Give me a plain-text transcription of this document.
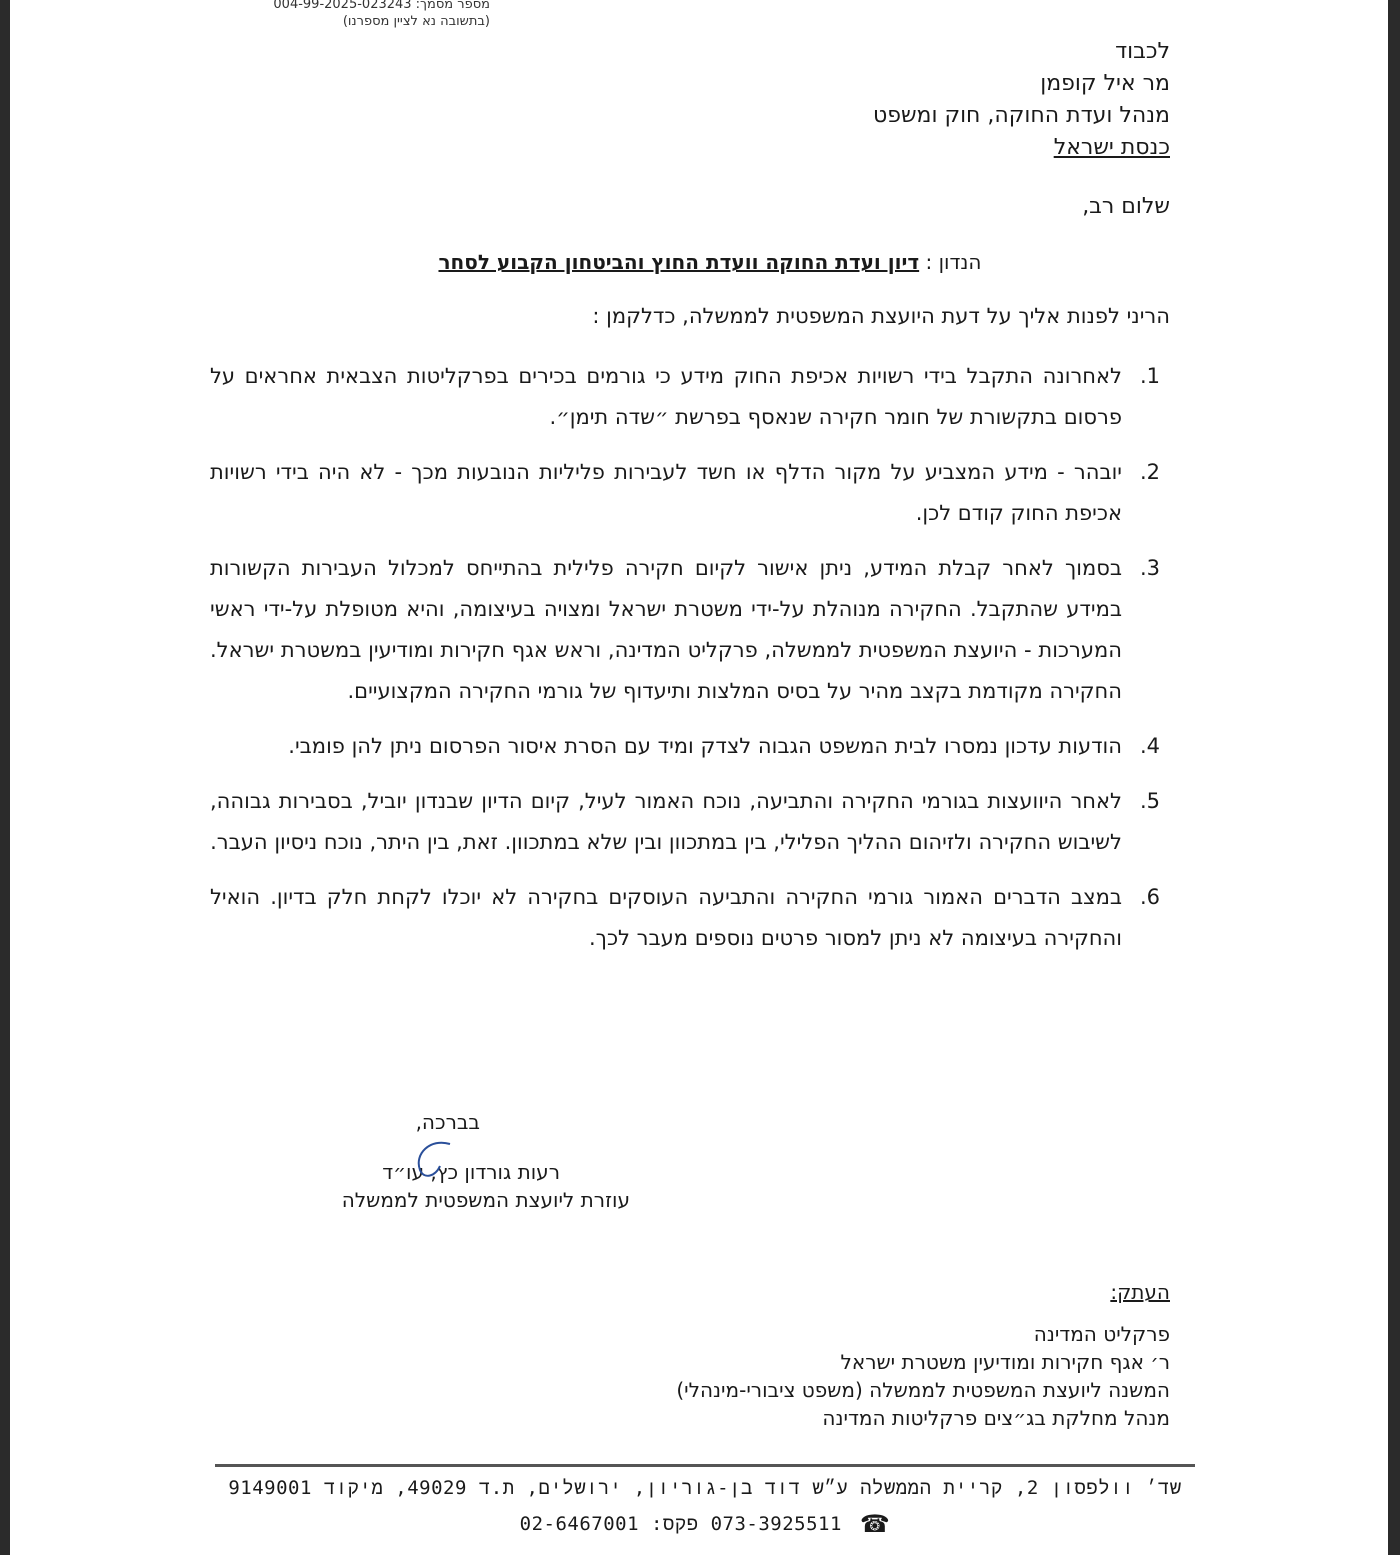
מספר מסמך: 004-99-2025-023243
(בתשובה נא לציין מספרנו)
לכבוד
מר איל קופמן
מנהל ועדת החוקה, חוק ומשפט
כנסת ישראל
שלום רב,
הנדון : דיון ועדת החוקה וועדת החוץ והביטחון הקבוע לסחר
הריני לפנות אליך על דעת היועצת המשפטית לממשלה, כדלקמן :
.1
לאחרונה התקבל בידי רשויות אכיפת החוק מידע כי גורמים בכירים בפרקליטות הצבאית אחראים על פרסום בתקשורת של חומר חקירה שנאסף בפרשת ״שדה תימן״.
.2
יובהר - מידע המצביע על מקור הדלף או חשד לעבירות פליליות הנובעות מכך - לא היה בידי רשויות אכיפת החוק קודם לכן.
.3
בסמוך לאחר קבלת המידע, ניתן אישור לקיום חקירה פלילית בהתייחס למכלול העבירות הקשורות במידע שהתקבל. החקירה מנוהלת על-ידי משטרת ישראל ומצויה בעיצומה, והיא מטופלת על-ידי ראשי המערכות - היועצת המשפטית לממשלה, פרקליט המדינה, וראש אגף חקירות ומודיעין במשטרת ישראל. החקירה מקודמת בקצב מהיר על בסיס המלצות ותיעדוף של גורמי החקירה המקצועיים.
.4
הודעות עדכון נמסרו לבית המשפט הגבוה לצדק ומיד עם הסרת איסור הפרסום ניתן להן פומבי.
.5
לאחר היוועצות בגורמי החקירה והתביעה, נוכח האמור לעיל, קיום הדיון שבנדון יוביל, בסבירות גבוהה, לשיבוש החקירה ולזיהום ההליך הפלילי, בין במתכוון ובין שלא במתכוון. זאת, בין היתר, נוכח ניסיון העבר.
.6
במצב הדברים האמור גורמי החקירה והתביעה העוסקים בחקירה לא יוכלו לקחת חלק בדיון. הואיל והחקירה בעיצומה לא ניתן למסור פרטים נוספים מעבר לכך.
בברכה,
רעות גורדון כץ, עו״ד
עוזרת ליועצת המשפטית לממשלה
העתק:
פרקליט המדינה
ר׳ אגף חקירות ומודיעין משטרת ישראל
המשנה ליועצת המשפטית לממשלה (משפט ציבורי-מינהלי)
מנהל מחלקת בג״צים פרקליטות המדינה
שד׳ וולפסון 2, קריית הממשלה ע״ש דוד בן-גוריון, ירושלים, ת.ד 49029, מיקוד 9149001
☎ 073-3925511 פקס: 02-6467001
